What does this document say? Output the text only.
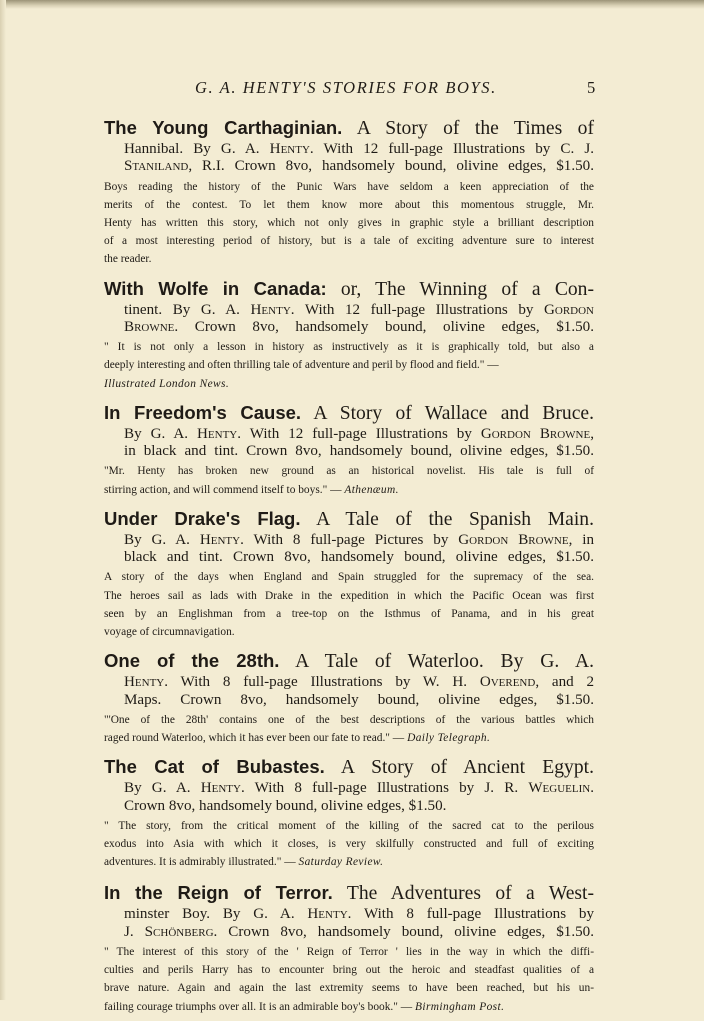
G. A. HENTY'S STORIES FOR BOYS.	5
The Young Carthaginian. A Story of the Times of
Hannibal. By G. A. Henty. With 12 full-page Illustrations by C. J.
Staniland, R.I. Crown 8vo, handsomely bound, olivine edges, $1.50.
Boys reading the history of the Punic Wars have seldom a keen appreciation of the
merits of the contest. To let them know more about this momentous struggle, Mr.
Henty has written this story, which not only gives in graphic style a brilliant description
of a most interesting period of history, but is a tale of exciting adventure sure to interest
the reader.
With Wolfe in Canada: or, The Winning of a Con-
tinent. By G. A. Henty. With 12 full-page Illustrations by Gordon
Browne. Crown 8vo, handsomely bound, olivine edges, $1.50.
" It is not only a lesson in history as instructively as it is graphically told, but also a
deeply interesting and often thrilling tale of adventure and peril by flood and field." —
Illustrated London News.
In Freedom's Cause. A Story of Wallace and Bruce.
By G. A. Henty. With 12 full-page Illustrations by Gordon Browne,
in black and tint. Crown 8vo, handsomely bound, olivine edges, $1.50.
"Mr. Henty has broken new ground as an historical novelist. His tale is full of
stirring action, and will commend itself to boys." — Athenæum.
Under Drake's Flag. A Tale of the Spanish Main.
By G. A. Henty. With 8 full-page Pictures by Gordon Browne, in
black and tint. Crown 8vo, handsomely bound, olivine edges, $1.50.
A story of the days when England and Spain struggled for the supremacy of the sea.
The heroes sail as lads with Drake in the expedition in which the Pacific Ocean was first
seen by an Englishman from a tree-top on the Isthmus of Panama, and in his great
voyage of circumnavigation.
One of the 28th. A Tale of Waterloo. By G. A.
Henty. With 8 full-page Illustrations by W. H. Overend, and 2
Maps. Crown 8vo, handsomely bound, olivine edges, $1.50.
"'One of the 28th' contains one of the best descriptions of the various battles which
raged round Waterloo, which it has ever been our fate to read." — Daily Telegraph.
The Cat of Bubastes. A Story of Ancient Egypt.
By G. A. Henty. With 8 full-page Illustrations by J. R. Weguelin.
Crown 8vo, handsomely bound, olivine edges, $1.50.
" The story, from the critical moment of the killing of the sacred cat to the perilous
exodus into Asia with which it closes, is very skilfully constructed and full of exciting
adventures. It is admirably illustrated." — Saturday Review.
In the Reign of Terror. The Adventures of a West-
minster Boy. By G. A. Henty. With 8 full-page Illustrations by
J. Schönberg. Crown 8vo, handsomely bound, olivine edges, $1.50.
" The interest of this story of the ' Reign of Terror ' lies in the way in which the diffi-
culties and perils Harry has to encounter bring out the heroic and steadfast qualities of a
brave nature. Again and again the last extremity seems to have been reached, but his un-
failing courage triumphs over all. It is an admirable boy's book." — Birmingham Post.
